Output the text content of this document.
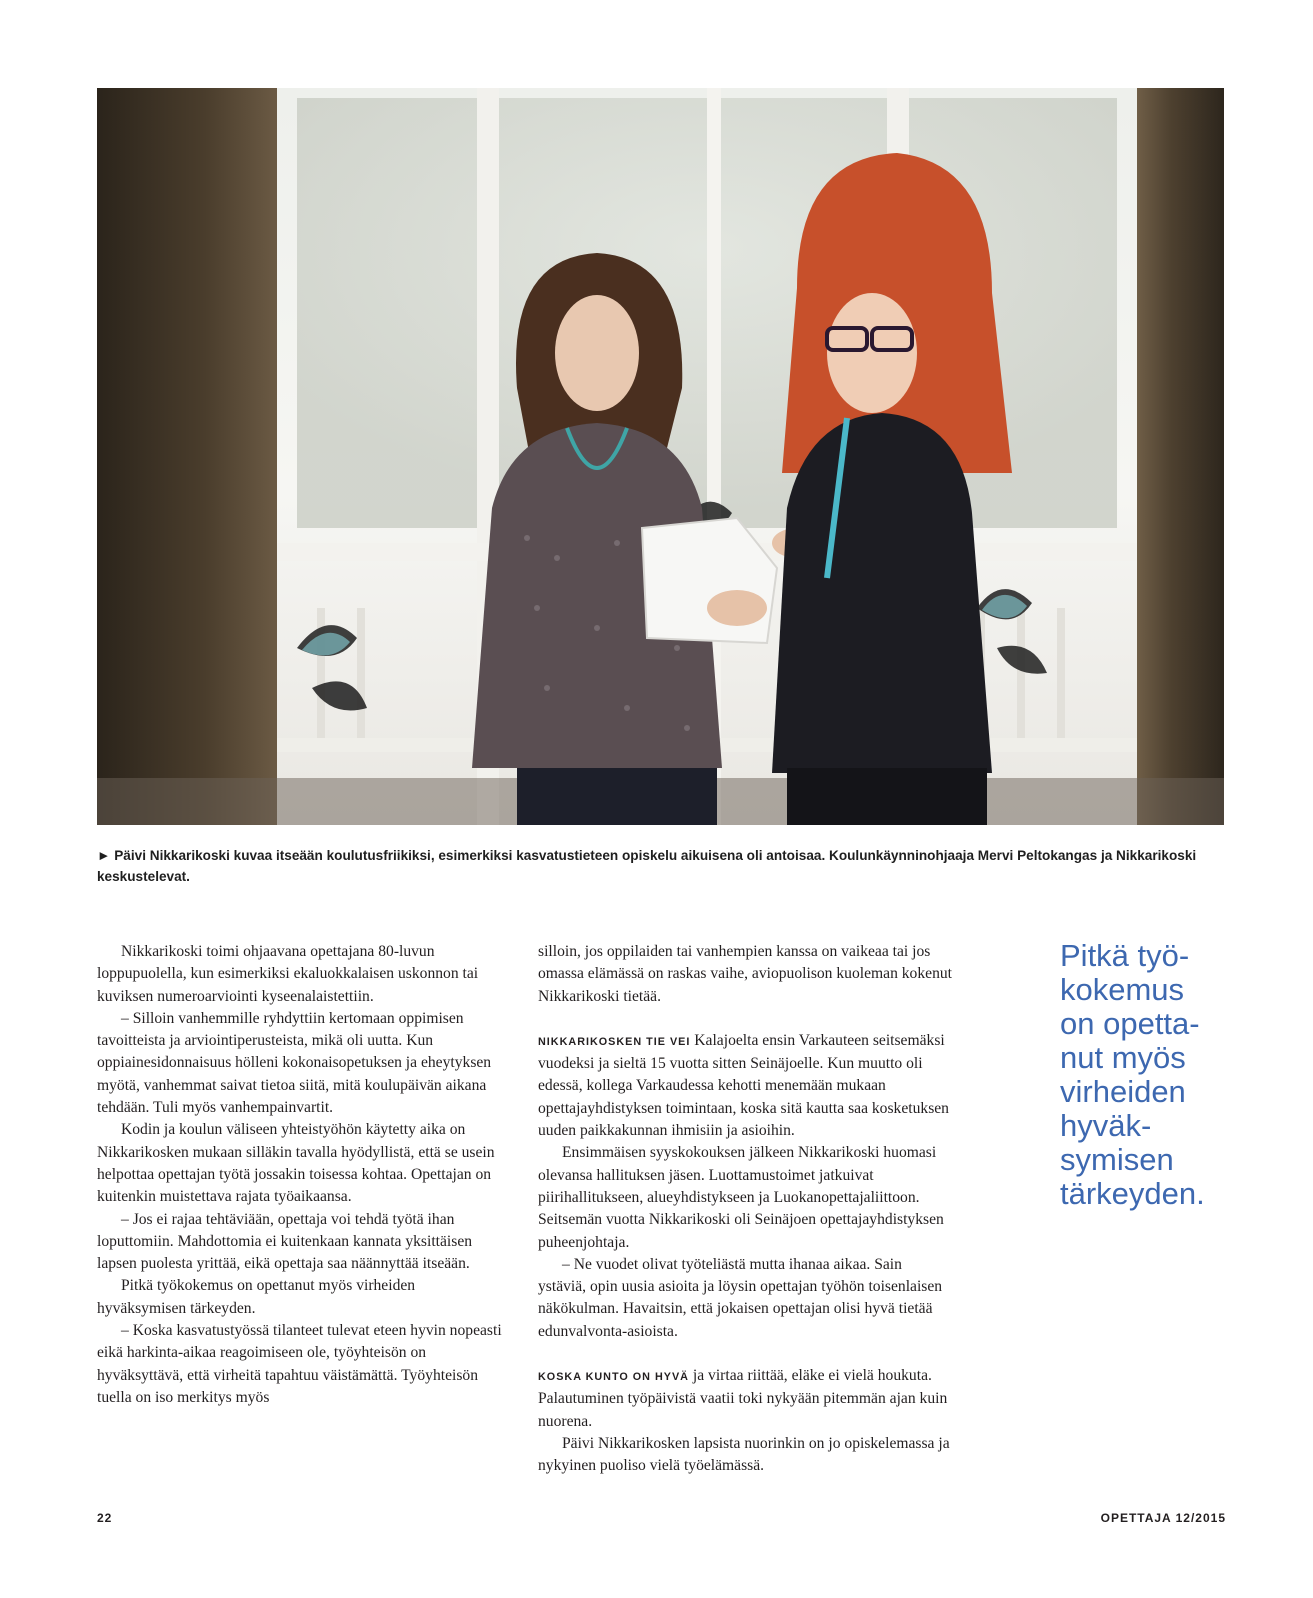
► Päivi Nikkarikoski kuvaa itseään koulutusfriikiksi, esimerkiksi kasvatustieteen opiskelu aikuisena oli antoisaa. Koulunkäynninohjaaja Mervi Peltokangas ja Nikkarikoski keskustelevat.

Nikkarikoski toimi ohjaavana opettajana 80-luvun loppupuolella, kun esimerkiksi ekaluokkalaisen uskonnon tai kuviksen numeroarviointi kyseenalaistettiin.

– Silloin vanhemmille ryhdyttiin kertomaan oppimisen tavoitteista ja arviointiperusteista, mikä oli uutta. Kun oppiainesidonnaisuus hölleni kokonaisopetuksen ja eheytyksen myötä, vanhemmat saivat tietoa siitä, mitä koulupäivän aikana tehdään. Tuli myös vanhempainvartit.

Kodin ja koulun väliseen yhteistyöhön käytetty aika on Nikkarikosken mukaan silläkin tavalla hyödyllistä, että se usein helpottaa opettajan työtä jossakin toisessa kohtaa. Opettajan on kuitenkin muistettava rajata työaikaansa.

– Jos ei rajaa tehtäviään, opettaja voi tehdä työtä ihan loputtomiin. Mahdottomia ei kuitenkaan kannata yksittäisen lapsen puolesta yrittää, eikä opettaja saa näännyttää itseään.

Pitkä työkokemus on opettanut myös virheiden hyväksymisen tärkeyden.

– Koska kasvatustyössä tilanteet tulevat eteen hyvin nopeasti eikä harkinta-aikaa reagoimiseen ole, työyhteisön on hyväksyttävä, että virheitä tapahtuu väistämättä. Työyhteisön tuella on iso merkitys myös

silloin, jos oppilaiden tai vanhempien kanssa on vaikeaa tai jos omassa elämässä on raskas vaihe, aviopuolison kuoleman kokenut Nikkarikoski tietää.

NIKKARIKOSKEN TIE VEI Kalajoelta ensin Varkauteen seitsemäksi vuodeksi ja sieltä 15 vuotta sitten Seinäjoelle. Kun muutto oli edessä, kollega Varkaudessa kehotti menemään mukaan opettajayhdistyksen toimintaan, koska sitä kautta saa kosketuksen uuden paikkakunnan ihmisiin ja asioihin.

Ensimmäisen syyskokouksen jälkeen Nikkarikoski huomasi olevansa hallituksen jäsen. Luottamustoimet jatkuivat piirihallitukseen, alueyhdistykseen ja Luokanopettajaliittoon. Seitsemän vuotta Nikkarikoski oli Seinäjoen opettajayhdistyksen puheenjohtaja.

– Ne vuodet olivat työteliästä mutta ihanaa aikaa. Sain ystäviä, opin uusia asioita ja löysin opettajan työhön toisenlaisen näkökulman. Havaitsin, että jokaisen opettajan olisi hyvä tietää edunvalvonta-asioista.

KOSKA KUNTO ON HYVÄ ja virtaa riittää, eläke ei vielä houkuta. Palautuminen työpäivistä vaatii toki nykyään pitemmän ajan kuin nuorena.

Päivi Nikkarikosken lapsista nuorinkin on jo opiskelemassa ja nykyinen puoliso vielä työelämässä.

Pitkä työ-
kokemus
on opetta-
nut myös
virheiden
hyväk-
symisen
tärkeyden.

22	OPETTAJA 12/2015
